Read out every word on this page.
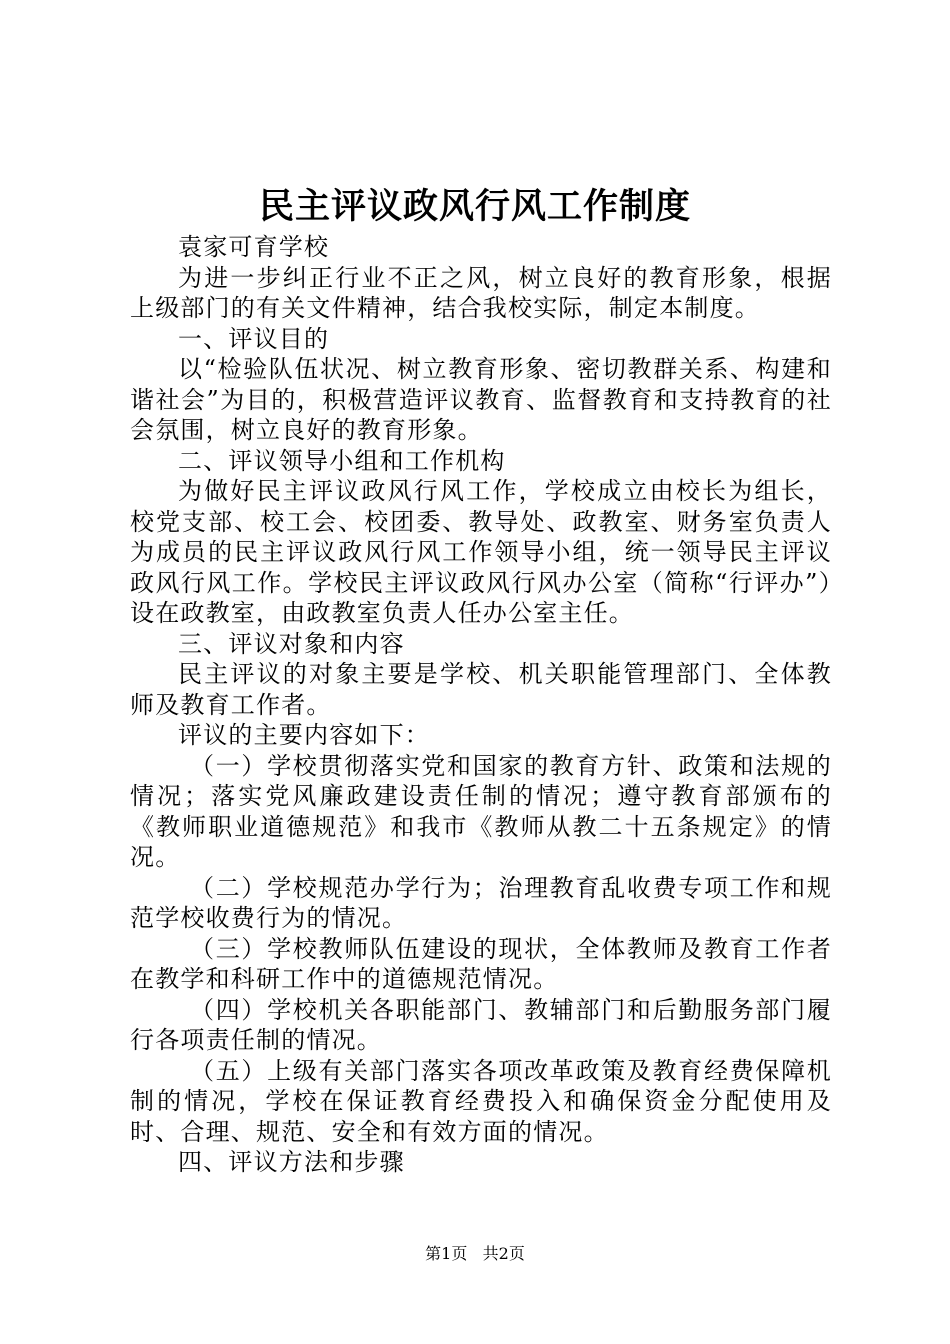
民主评议政风行风工作制度

袁家可育学校

为进一步纠正行业不正之风，树立良好的教育形象，根据上级部门的有关文件精神，结合我校实际，制定本制度。

一、评议目的

以“检验队伍状况、树立教育形象、密切教群关系、构建和谐社会”为目的，积极营造评议教育、监督教育和支持教育的社会氛围，树立良好的教育形象。

二、评议领导小组和工作机构

为做好民主评议政风行风工作，学校成立由校长为组长，校党支部、校工会、校团委、教导处、政教室、财务室负责人为成员的民主评议政风行风工作领导小组，统一领导民主评议政风行风工作。学校民主评议政风行风办公室（简称“行评办”）设在政教室，由政教室负责人任办公室主任。

三、评议对象和内容

民主评议的对象主要是学校、机关职能管理部门、全体教师及教育工作者。

评议的主要内容如下：

（一）学校贯彻落实党和国家的教育方针、政策和法规的情况；落实党风廉政建设责任制的情况；遵守教育部颁布的《教师职业道德规范》和我市《教师从教二十五条规定》的情况。

（二）学校规范办学行为；治理教育乱收费专项工作和规范学校收费行为的情况。

（三）学校教师队伍建设的现状，全体教师及教育工作者在教学和科研工作中的道德规范情况。

（四）学校机关各职能部门、教辅部门和后勤服务部门履行各项责任制的情况。

（五）上级有关部门落实各项改革政策及教育经费保障机制的情况，学校在保证教育经费投入和确保资金分配使用及时、合理、规范、安全和有效方面的情况。

四、评议方法和步骤

第1页 共2页
